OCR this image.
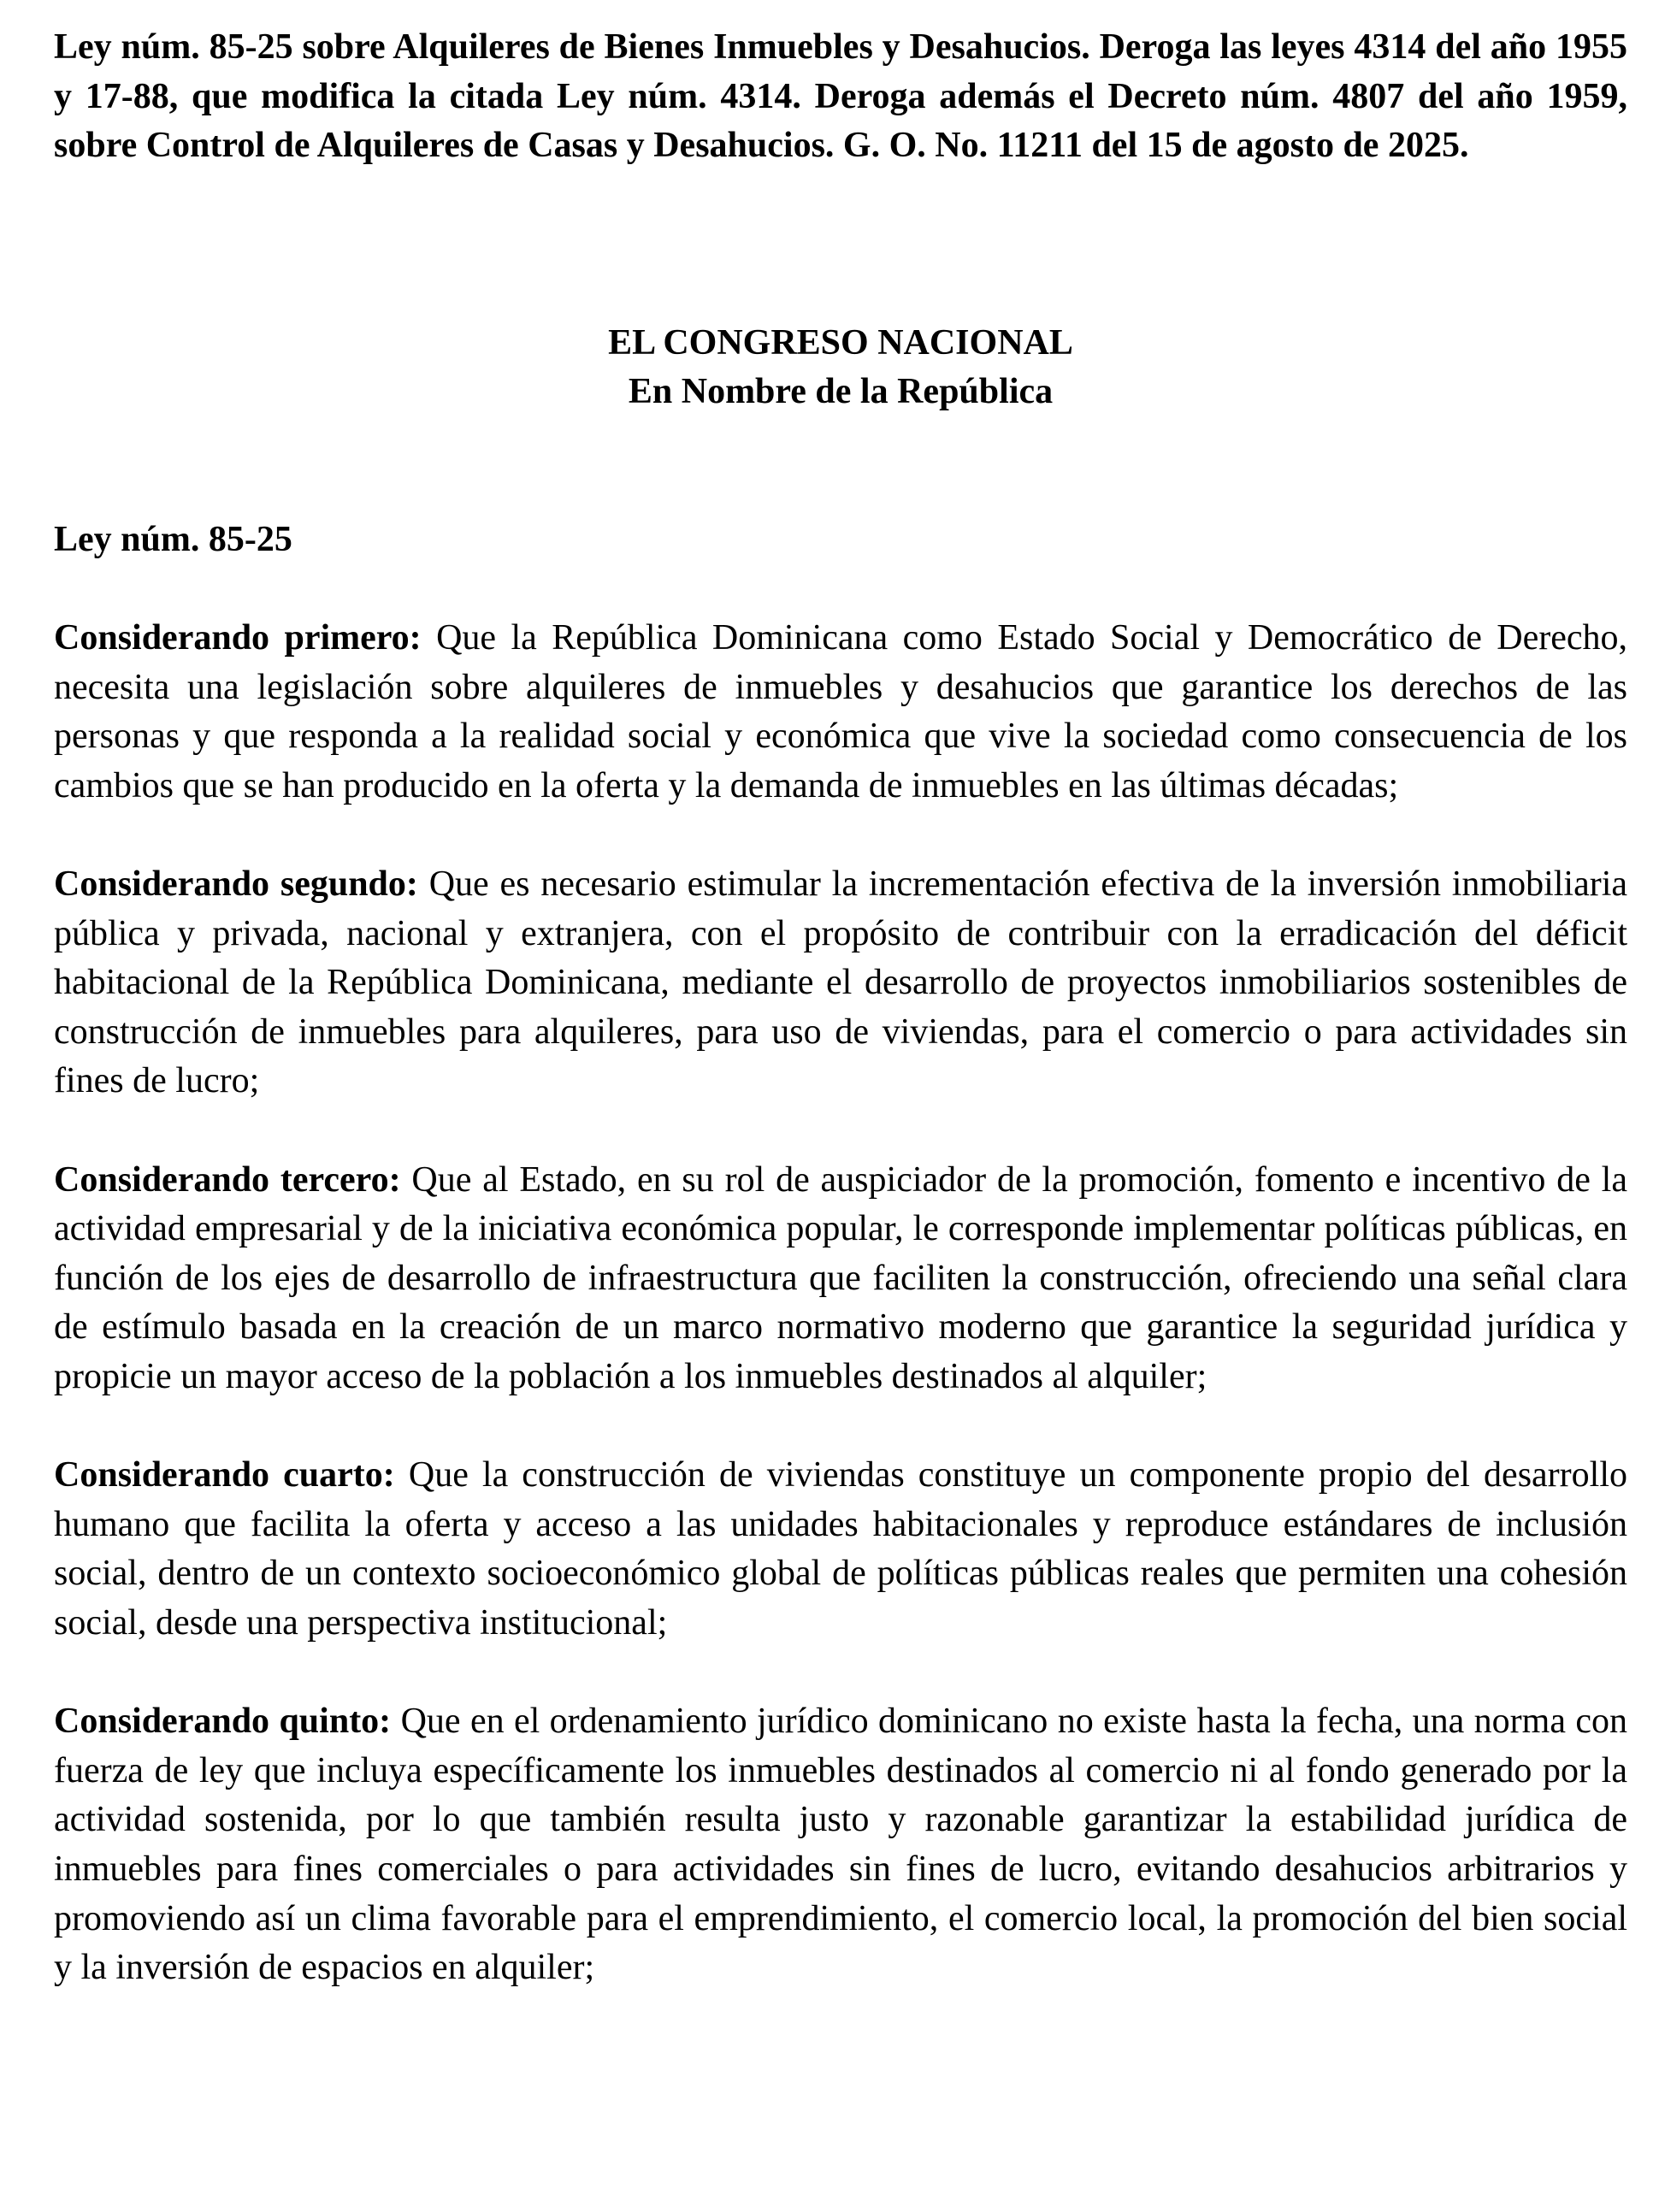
Ley núm. 85-25 sobre Alquileres de Bienes Inmuebles y Desahucios. Deroga las leyes 4314 del año 1955 y 17-88, que modifica la citada Ley núm. 4314. Deroga además el Decreto núm. 4807 del año 1959, sobre Control de Alquileres de Casas y Desahucios. G. O. No. 11211 del 15 de agosto de 2025.

EL CONGRESO NACIONAL

En Nombre de la República

Ley núm. 85-25

Considerando primero: Que la República Dominicana como Estado Social y Democrático de Derecho, necesita una legislación sobre alquileres de inmuebles y desahucios que garantice los derechos de las personas y que responda a la realidad social y económica que vive la sociedad como consecuencia de los cambios que se han producido en la oferta y la demanda de inmuebles en las últimas décadas;

Considerando segundo: Que es necesario estimular la incrementación efectiva de la inversión inmobiliaria pública y privada, nacional y extranjera, con el propósito de contribuir con la erradicación del déficit habitacional de la República Dominicana, mediante el desarrollo de proyectos inmobiliarios sostenibles de construcción de inmuebles para alquileres, para uso de viviendas, para el comercio o para actividades sin fines de lucro;

Considerando tercero: Que al Estado, en su rol de auspiciador de la promoción, fomento e incentivo de la actividad empresarial y de la iniciativa económica popular, le corresponde implementar políticas públicas, en función de los ejes de desarrollo de infraestructura que faciliten la construcción, ofreciendo una señal clara de estímulo basada en la creación de un marco normativo moderno que garantice la seguridad jurídica y propicie un mayor acceso de la población a los inmuebles destinados al alquiler;

Considerando cuarto: Que la construcción de viviendas constituye un componente propio del desarrollo humano que facilita la oferta y acceso a las unidades habitacionales y reproduce estándares de inclusión social, dentro de un contexto socioeconómico global de políticas públicas reales que permiten una cohesión social, desde una perspectiva institucional;

Considerando quinto: Que en el ordenamiento jurídico dominicano no existe hasta la fecha, una norma con fuerza de ley que incluya específicamente los inmuebles destinados al comercio ni al fondo generado por la actividad sostenida, por lo que también resulta justo y razonable garantizar la estabilidad jurídica de inmuebles para fines comerciales o para actividades sin fines de lucro, evitando desahucios arbitrarios y promoviendo así un clima favorable para el emprendimiento, el comercio local, la promoción del bien social y la inversión de espacios en alquiler;
